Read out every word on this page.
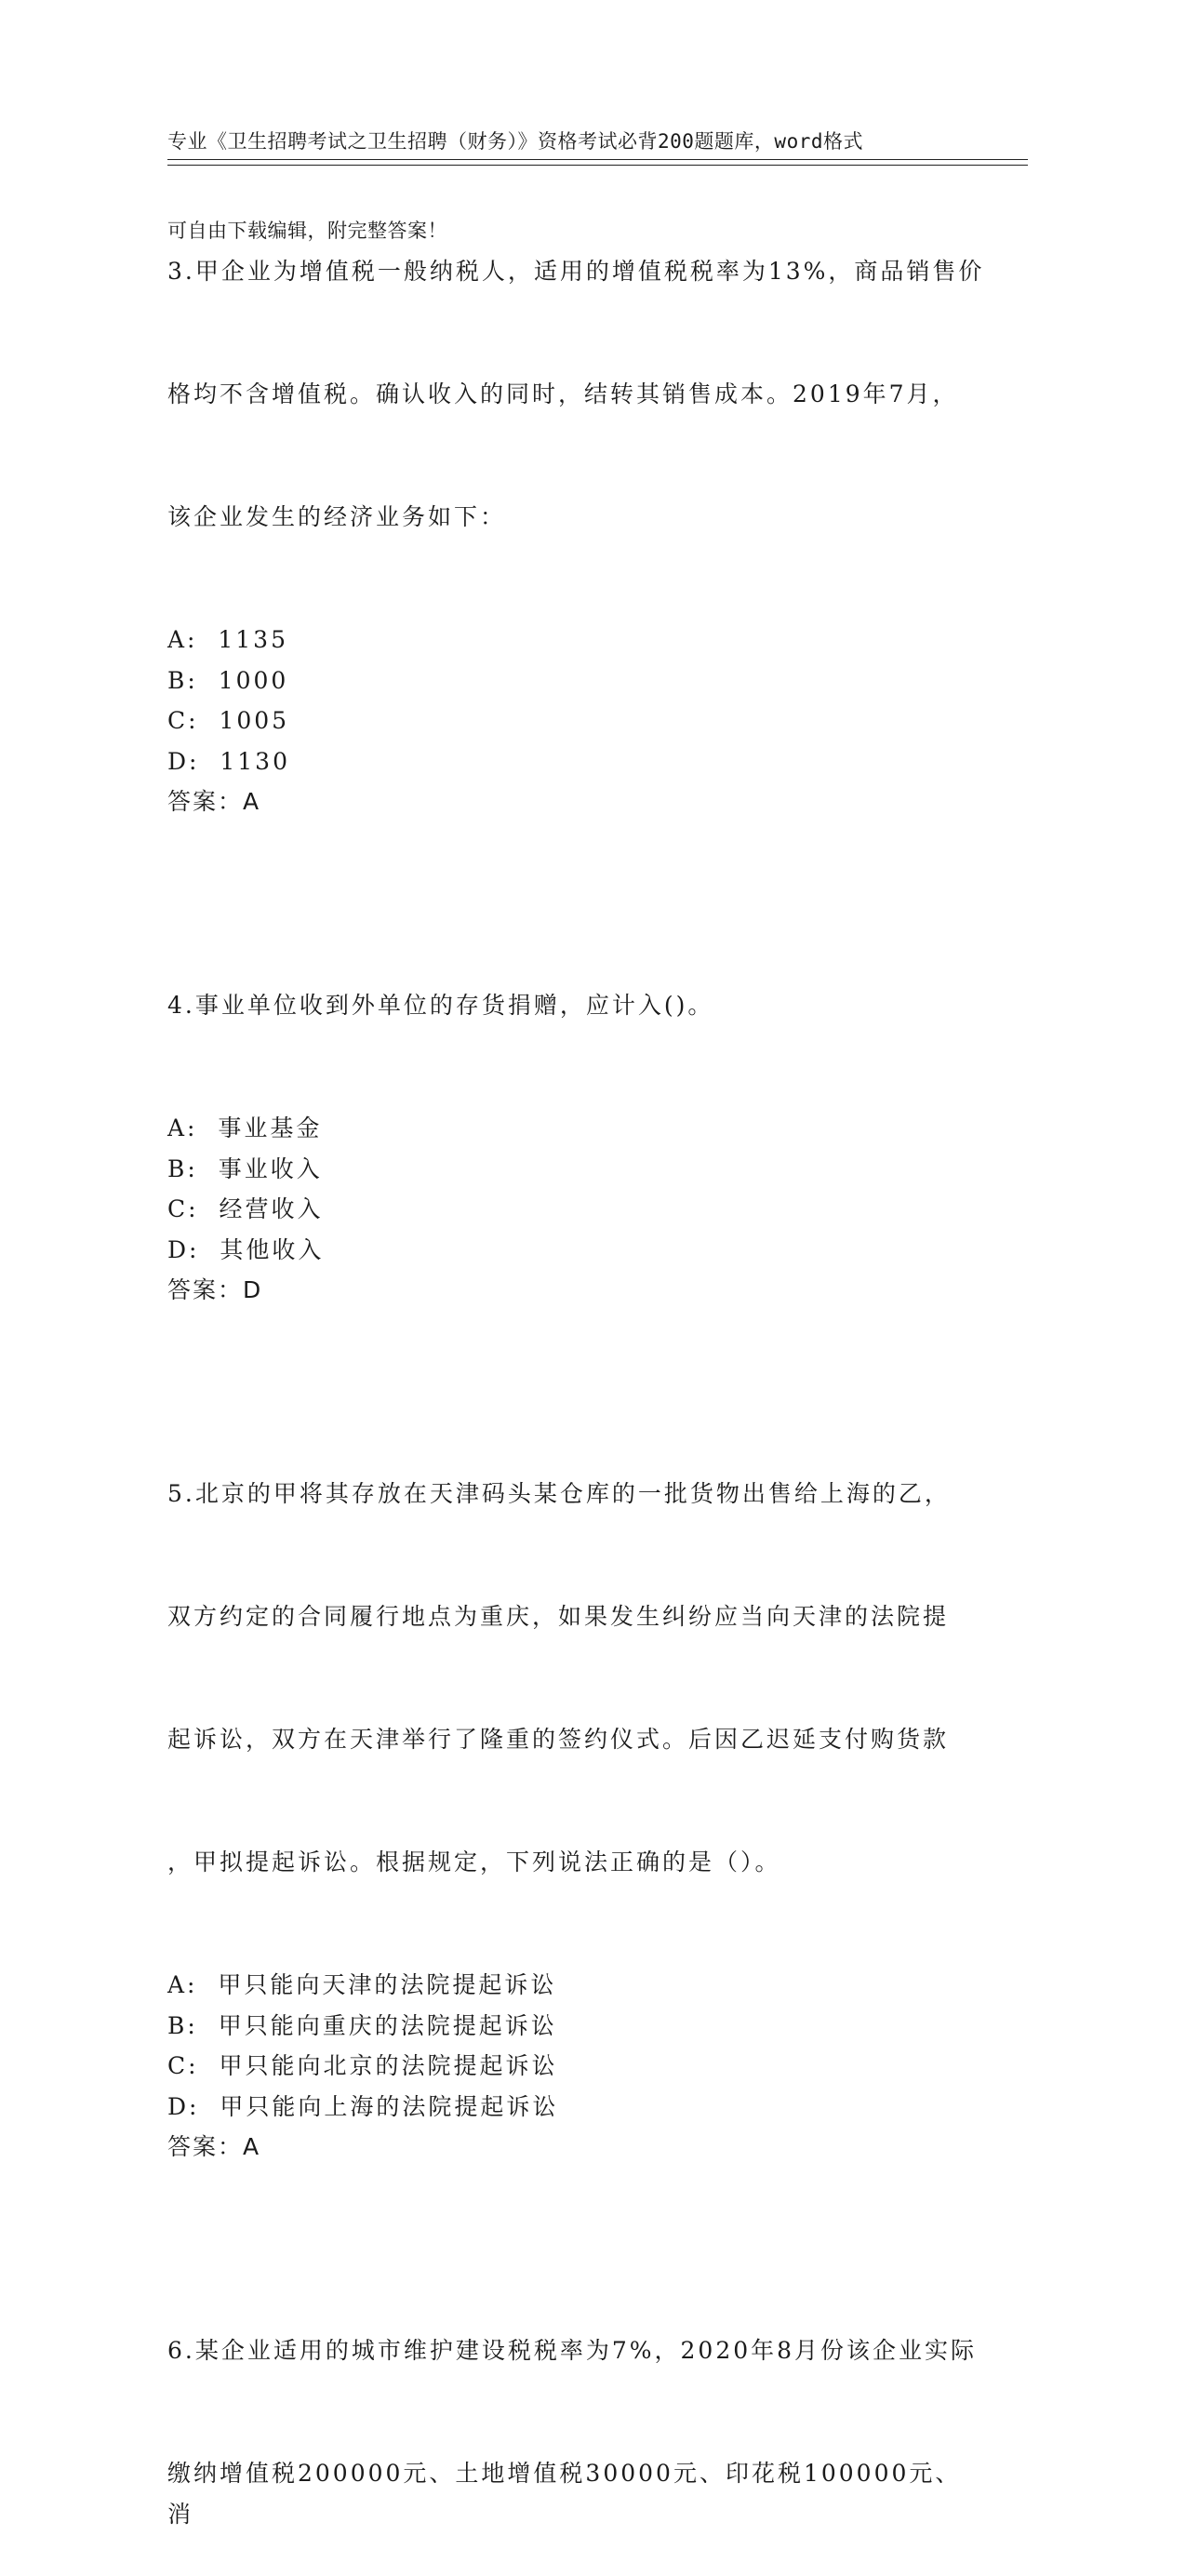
专业《卫生招聘考试之卫生招聘（财务）》资格考试必背200题题库，word格式

可自由下载编辑，附完整答案！

3.甲企业为增值税一般纳税人，适用的增值税税率为13%，商品销售价

格均不含增值税。确认收入的同时，结转其销售成本。2019年7月，

该企业发生的经济业务如下：

A:  1135
B:  1000
C:  1005
D:  1130
答案：A

4.事业单位收到外单位的存货捐赠，应计入()。

A:  事业基金
B:  事业收入
C:  经营收入
D:  其他收入
答案：D

5.北京的甲将其存放在天津码头某仓库的一批货物出售给上海的乙，

双方约定的合同履行地点为重庆，如果发生纠纷应当向天津的法院提

起诉讼，双方在天津举行了隆重的签约仪式。后因乙迟延支付购货款

，甲拟提起诉讼。根据规定，下列说法正确的是（）。

A:  甲只能向天津的法院提起诉讼
B:  甲只能向重庆的法院提起诉讼
C:  甲只能向北京的法院提起诉讼
D:  甲只能向上海的法院提起诉讼
答案：A

6.某企业适用的城市维护建设税税率为7%，2020年8月份该企业实际

缴纳增值税200000元、土地增值税30000元、印花税100000元、消
